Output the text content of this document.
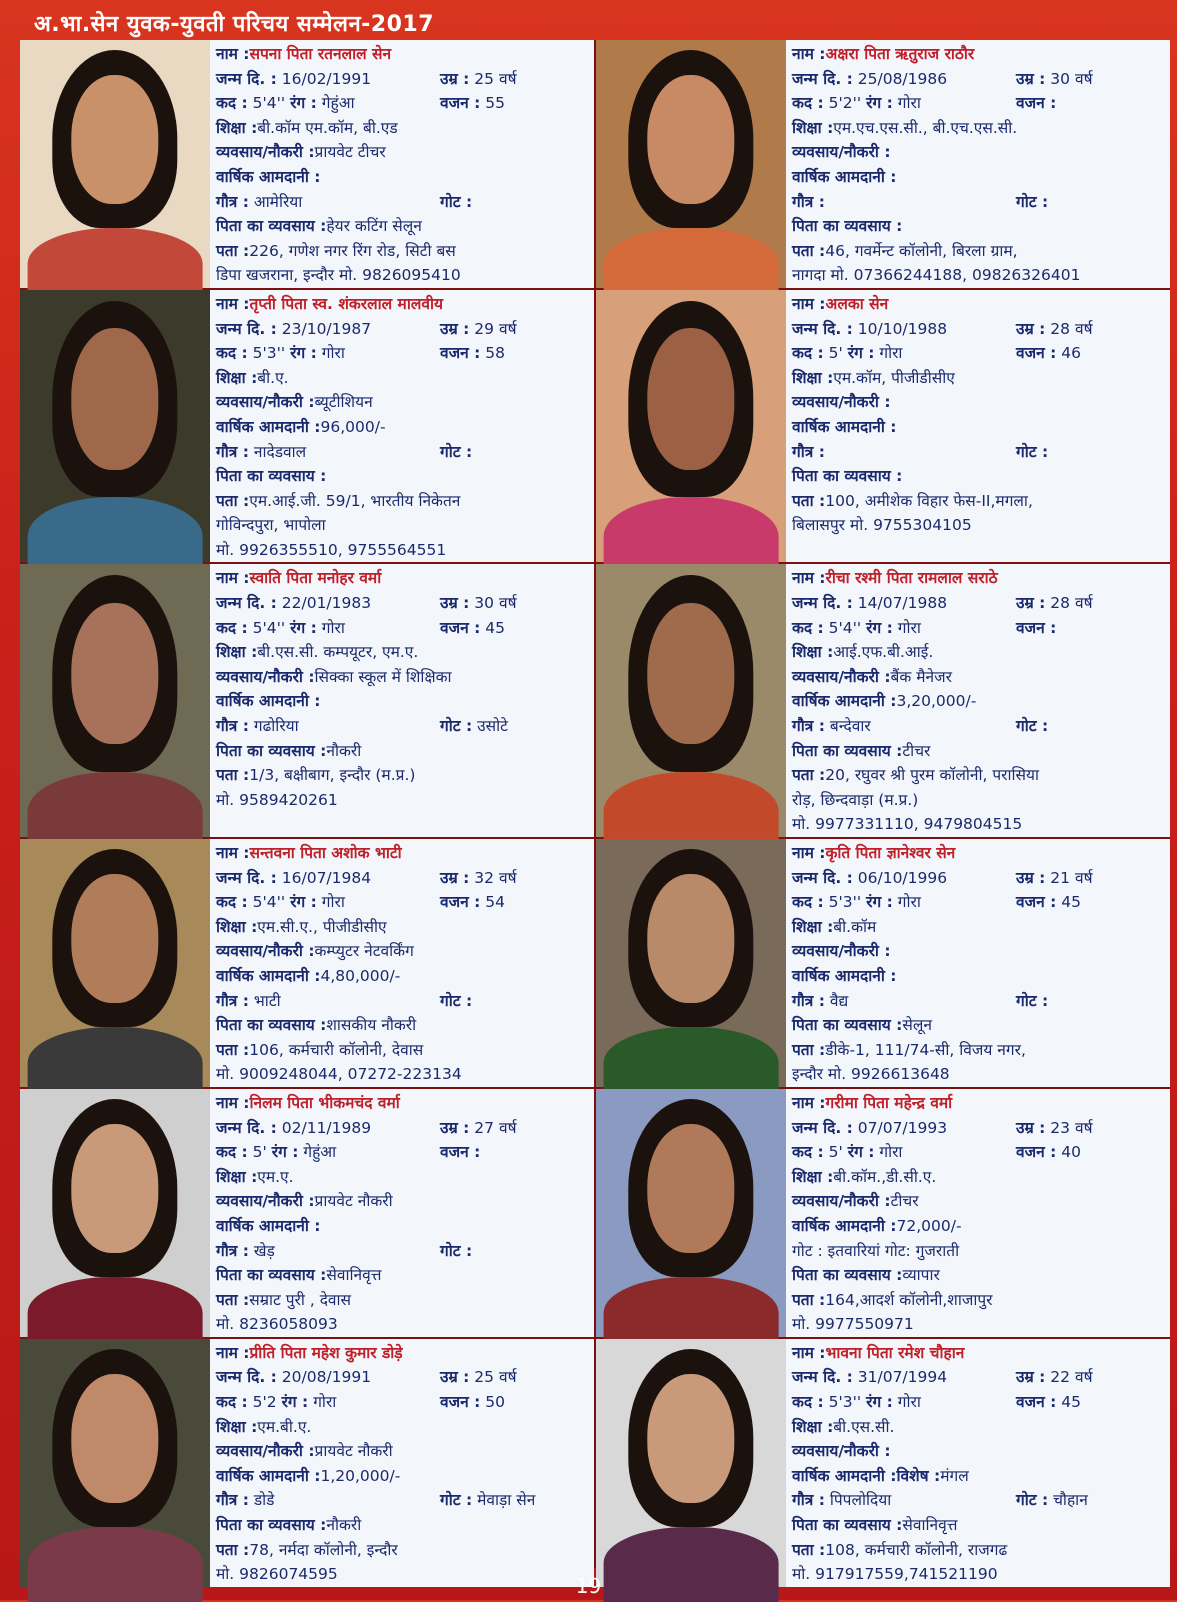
अ.भा.सेन युवक-युवती परिचय सम्मेलन-2017
नाम : सपना पिता रतनलाल सेन
जन्म दि. : 16/02/1991	उम्र : 25 वर्ष
कद : 5'4'' रंग : गेहुंआ	वजन : 55
शिक्षा : बी.कॉम एम.कॉम, बी.एड
व्यवसाय/नौकरी : प्रायवेट टीचर
वार्षिक आमदानी :
गौत्र : आमेरिया	गोट :
पिता का व्यवसाय : हेयर कटिंग सेलून
पता : 226, गणेश नगर रिंग रोड, सिटी बस
डिपा खजराना, इन्दौर मो. 9826095410
नाम : अक्षरा पिता ऋतुराज राठौर
जन्म दि. : 25/08/1986	उम्र : 30 वर्ष
कद : 5'2'' रंग : गोरा	वजन :
शिक्षा : एम.एच.एस.सी., बी.एच.एस.सी.
व्यवसाय/नौकरी :
वार्षिक आमदानी :
गौत्र :	गोट :
पिता का व्यवसाय :
पता : 46, गवर्मेन्ट कॉलोनी, बिरला ग्राम,
नागदा मो. 07366244188, 09826326401
नाम : तृप्ती पिता स्व. शंकरलाल मालवीय
जन्म दि. : 23/10/1987	उम्र : 29 वर्ष
कद : 5'3'' रंग : गोरा	वजन : 58
शिक्षा : बी.ए.
व्यवसाय/नौकरी : ब्यूटीशियन
वार्षिक आमदानी : 96,000/-
गौत्र : नादेडवाल	गोट :
पिता का व्यवसाय :
पता : एम.आई.जी. 59/1, भारतीय निकेतन
गोविन्दपुरा, भापोला
मो. 9926355510, 9755564551
नाम : अलका सेन
जन्म दि. : 10/10/1988	उम्र : 28 वर्ष
कद : 5' रंग : गोरा	वजन : 46
शिक्षा : एम.कॉम, पीजीडीसीए
व्यवसाय/नौकरी :
वार्षिक आमदानी :
गौत्र :	गोट :
पिता का व्यवसाय :
पता : 100, अमीशेक विहार फेस-II,मगला,
बिलासपुर मो. 9755304105
नाम : स्वाति पिता मनोहर वर्मा
जन्म दि. : 22/01/1983	उम्र : 30 वर्ष
कद : 5'4'' रंग : गोरा	वजन : 45
शिक्षा : बी.एस.सी. कम्पयूटर, एम.ए.
व्यवसाय/नौकरी : सिक्का स्कूल में शिक्षिका
वार्षिक आमदानी :
गौत्र : गढोरिया	गोट : उसोटे
पिता का व्यवसाय : नौकरी
पता : 1/3, बक्षीबाग, इन्दौर (म.प्र.)
मो. 9589420261
नाम : रीचा रश्मी पिता रामलाल सराठे
जन्म दि. : 14/07/1988	उम्र : 28 वर्ष
कद : 5'4'' रंग : गोरा	वजन :
शिक्षा : आई.एफ.बी.आई.
व्यवसाय/नौकरी : बैंक मैनेजर
वार्षिक आमदानी : 3,20,000/-
गौत्र : बन्देवार	गोट :
पिता का व्यवसाय : टीचर
पता : 20, रघुवर श्री पुरम कॉलोनी, परासिया
रोड़, छिन्दवाड़ा (म.प्र.)
मो. 9977331110, 9479804515
नाम : सन्तवना पिता अशोक भाटी
जन्म दि. : 16/07/1984	उम्र : 32 वर्ष
कद : 5'4'' रंग : गोरा	वजन : 54
शिक्षा : एम.सी.ए., पीजीडीसीए
व्यवसाय/नौकरी : कम्प्युटर नेटवर्किंग
वार्षिक आमदानी : 4,80,000/-
गौत्र : भाटी	गोट :
पिता का व्यवसाय : शासकीय नौकरी
पता : 106, कर्मचारी कॉलोनी, देवास
मो. 9009248044, 07272-223134
नाम : कृति पिता ज्ञानेश्वर सेन
जन्म दि. : 06/10/1996	उम्र : 21 वर्ष
कद : 5'3'' रंग : गोरा	वजन : 45
शिक्षा : बी.कॉम
व्यवसाय/नौकरी :
वार्षिक आमदानी :
गौत्र : वैद्य	गोट :
पिता का व्यवसाय : सेलून
पता : डीके-1, 111/74-सी, विजय नगर,
इन्दौर मो. 9926613648
नाम : निलम पिता भीकमचंद वर्मा
जन्म दि. : 02/11/1989	उम्र : 27 वर्ष
कद : 5' रंग : गेहुंआ	वजन :
शिक्षा : एम.ए.
व्यवसाय/नौकरी : प्रायवेट नौकरी
वार्षिक आमदानी :
गौत्र : खेड़	गोट :
पिता का व्यवसाय : सेवानिवृत्त
पता : सम्राट पुरी , देवास
मो. 8236058093
नाम : गरीमा पिता महेन्द्र वर्मा
जन्म दि. : 07/07/1993	उम्र : 23 वर्ष
कद : 5' रंग : गोरा	वजन : 40
शिक्षा : बी.कॉम.,डी.सी.ए.
व्यवसाय/नौकरी : टीचर
वार्षिक आमदानी : 72,000/-
गोट : इतवारियां गोट: गुजराती
पिता का व्यवसाय : व्यापार
पता : 164,आदर्श कॉलोनी,शाजापुर
मो. 9977550971
नाम : प्रीति पिता महेश कुमार डोड़े
जन्म दि. : 20/08/1991	उम्र : 25 वर्ष
कद : 5'2 रंग : गोरा	वजन : 50
शिक्षा : एम.बी.ए.
व्यवसाय/नौकरी : प्रायवेट नौकरी
वार्षिक आमदानी : 1,20,000/-
गौत्र : डोडे	गोट : मेवाड़ा सेन
पिता का व्यवसाय : नौकरी
पता : 78, नर्मदा कॉलोनी, इन्दौर
मो. 9826074595
नाम : भावना पिता रमेश चौहान
जन्म दि. : 31/07/1994	उम्र : 22 वर्ष
कद : 5'3'' रंग : गोरा	वजन : 45
शिक्षा : बी.एस.सी.
व्यवसाय/नौकरी :
वार्षिक आमदानी : विशेष : मंगल
गौत्र : पिपलोदिया	गोट : चौहान
पिता का व्यवसाय : सेवानिवृत्त
पता : 108, कर्मचारी कॉलोनी, राजगढ
मो. 917917559,741521190
19
